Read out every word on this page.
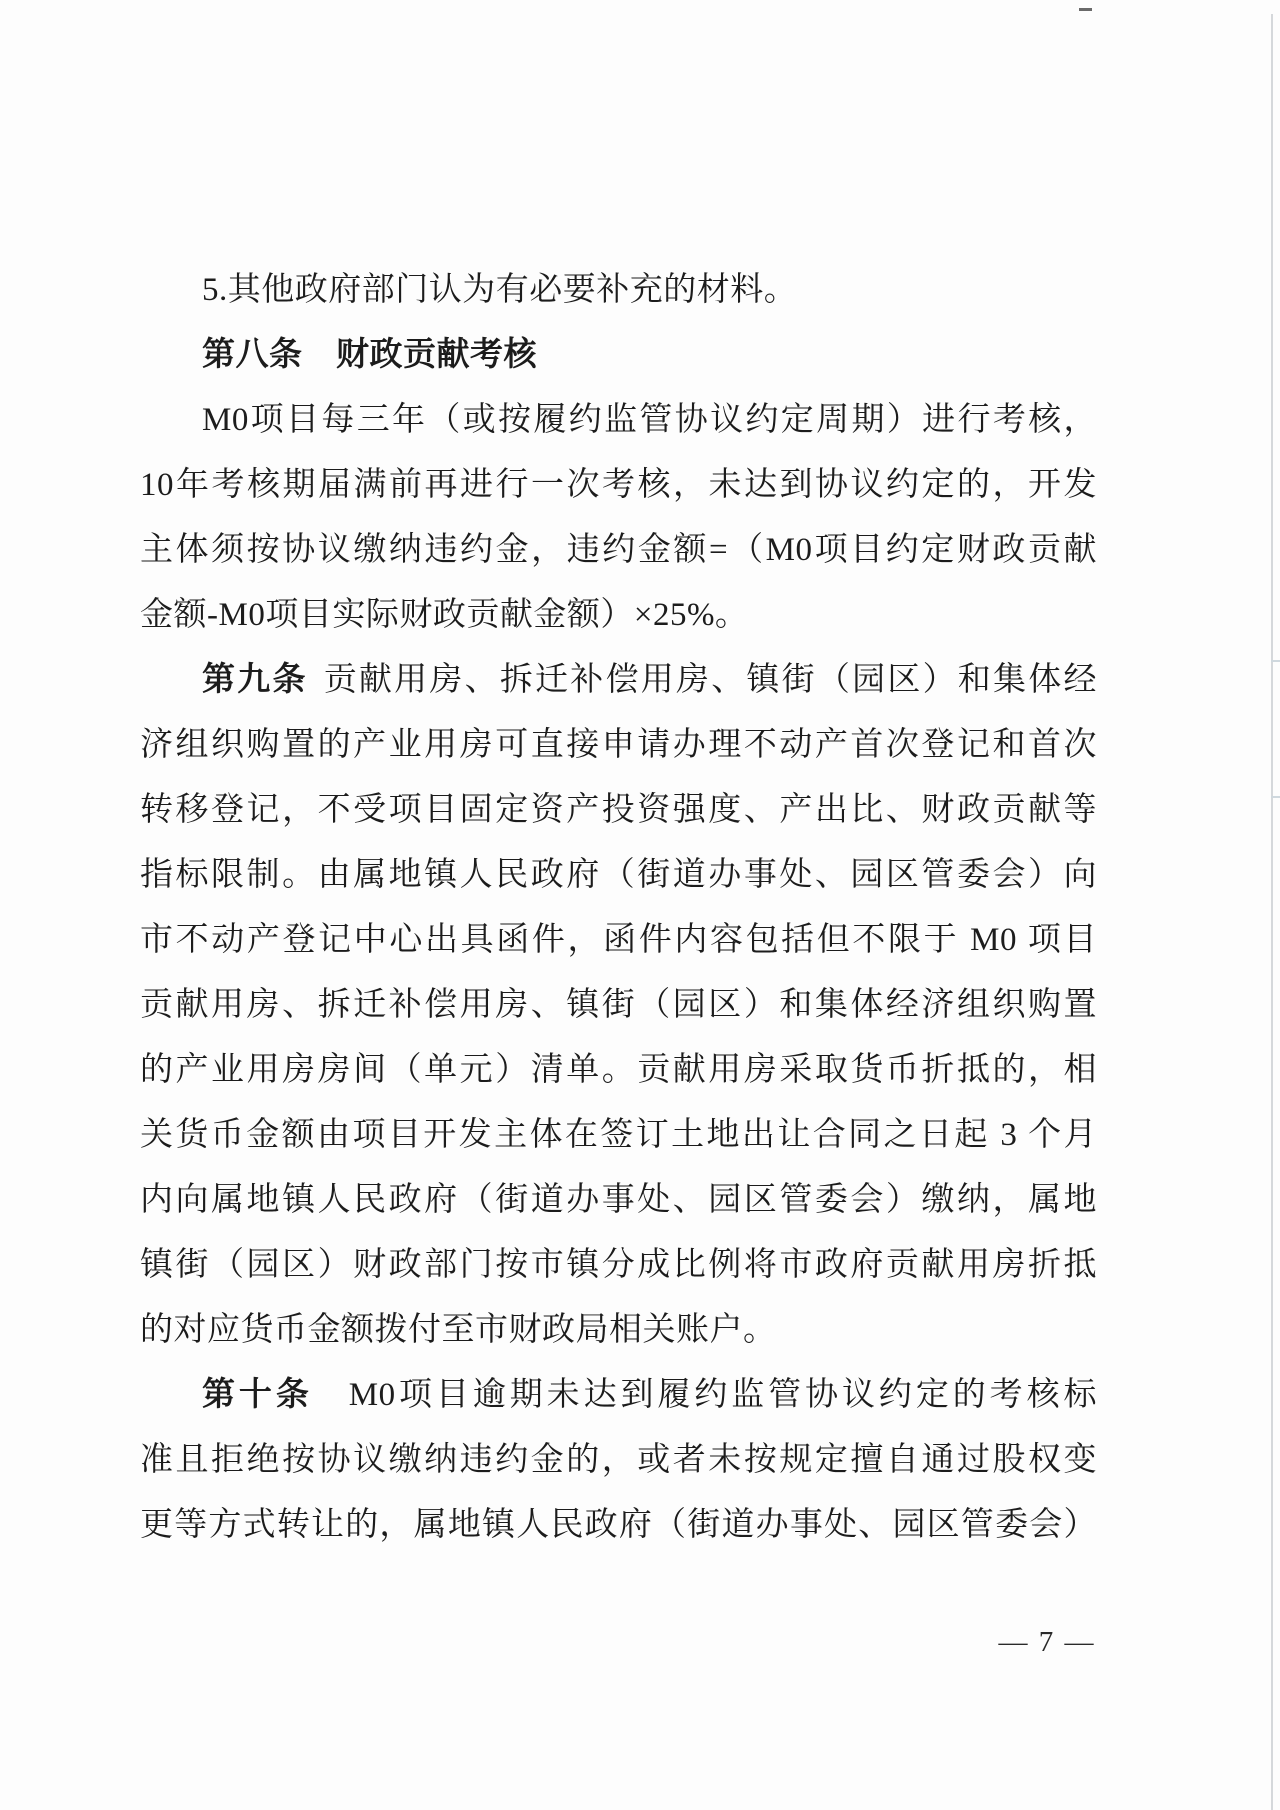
5.其他政府部门认为有必要补充的材料。
第八条　财政贡献考核
M0项目每三年（或按履约监管协议约定周期）进行考核，
10年考核期届满前再进行一次考核，未达到协议约定的，开发
主体须按协议缴纳违约金，违约金额=（M0项目约定财政贡献
金额-M0项目实际财政贡献金额）×25%。
第九条 贡献用房、拆迁补偿用房、镇街（园区）和集体经
济组织购置的产业用房可直接申请办理不动产首次登记和首次
转移登记，不受项目固定资产投资强度、产出比、财政贡献等
指标限制。由属地镇人民政府（街道办事处、园区管委会）向
市不动产登记中心出具函件，函件内容包括但不限于 M0 项目
贡献用房、拆迁补偿用房、镇街（园区）和集体经济组织购置
的产业用房房间（单元）清单。贡献用房采取货币折抵的，相
关货币金额由项目开发主体在签订土地出让合同之日起 3 个月
内向属地镇人民政府（街道办事处、园区管委会）缴纳，属地
镇街（园区）财政部门按市镇分成比例将市政府贡献用房折抵
的对应货币金额拨付至市财政局相关账户。
第十条 M0项目逾期未达到履约监管协议约定的考核标
准且拒绝按协议缴纳违约金的，或者未按规定擅自通过股权变
更等方式转让的，属地镇人民政府（街道办事处、园区管委会）
— 7 —
